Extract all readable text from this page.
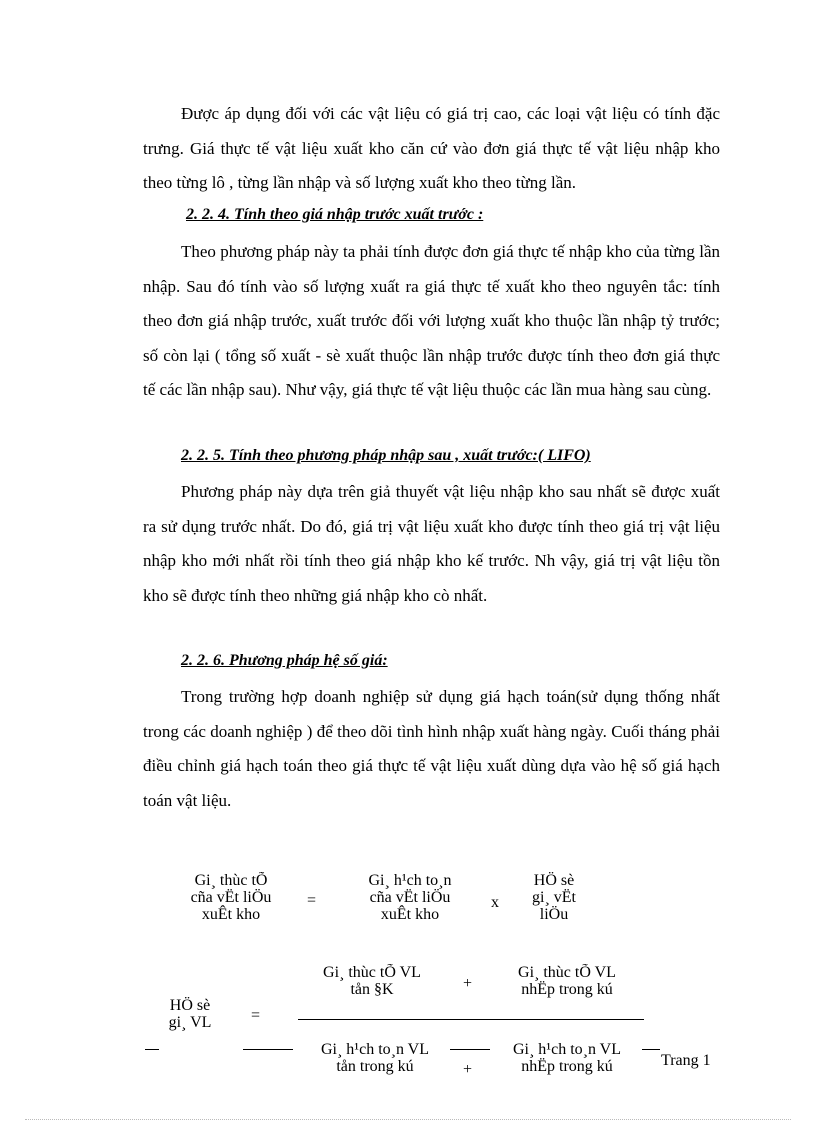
Được áp dụng đối với các vật liệu có giá trị cao, các loại vật liệu có tính đặc trưng. Giá thực tế vật liệu xuất kho căn cứ vào đơn giá thực tế vật liệu nhập kho theo từng lô , từng lần nhập và số lượng xuất kho theo từng lần.

2. 2. 4. Tính theo giá nhập trước xuất trước :

Theo phương pháp này ta phải tính được đơn giá thực tế nhập kho của từng lần nhập. Sau đó tính vào số lượng xuất ra giá thực tế xuất kho theo nguyên tắc: tính theo đơn giá nhập trước, xuất trước đối với lượng xuất kho thuộc lần nhập tỷ trước; số còn lại ( tổng số xuất - sè xuất thuộc lần nhập trước được tính theo đơn giá thực tế các lần nhập sau). Như vậy, giá thực tế vật liệu thuộc các lần mua hàng sau cùng.

2. 2. 5. Tính theo phương pháp nhập sau , xuất trước:( LIFO)

Phương pháp này dựa trên giả thuyết vật liệu nhập kho sau nhất sẽ được xuất ra sử dụng trước nhất. Do đó, giá trị vật liệu xuất kho được tính theo giá trị vật liệu nhập kho mới nhất rồi tính theo giá nhập kho kế trước. Nh vậy, giá trị vật liệu tồn kho sẽ được tính theo những giá nhập kho cò nhất.

2. 2. 6. Phương pháp hệ số giá:

Trong trường hợp doanh nghiệp sử dụng giá hạch toán(sử dụng thống nhất trong các doanh nghiệp ) để theo dõi tình hình nhập xuất hàng ngày. Cuối tháng phải điều chỉnh giá hạch toán theo giá thực tế vật liệu xuất dùng dựa vào hệ số giá hạch toán vật liệu.

Gi¸ thùc tÕ
cña vËt liÖu
xuÊt kho
=
Gi¸ h¹ch to¸n
cña vËt liÖu
xuÊt kho
x
HÖ sè
gi¸ vËt
liÖu
HÖ sè
gi¸ VL	=
Gi¸ thùc tÕ VL
tån §K	+
Gi¸ thùc tÕ VL
nhËp trong kú
Gi¸ h¹ch to¸n VL
tån trong kú	+
Gi¸ h¹ch to¸n VL
nhËp trong kú	Trang 1
